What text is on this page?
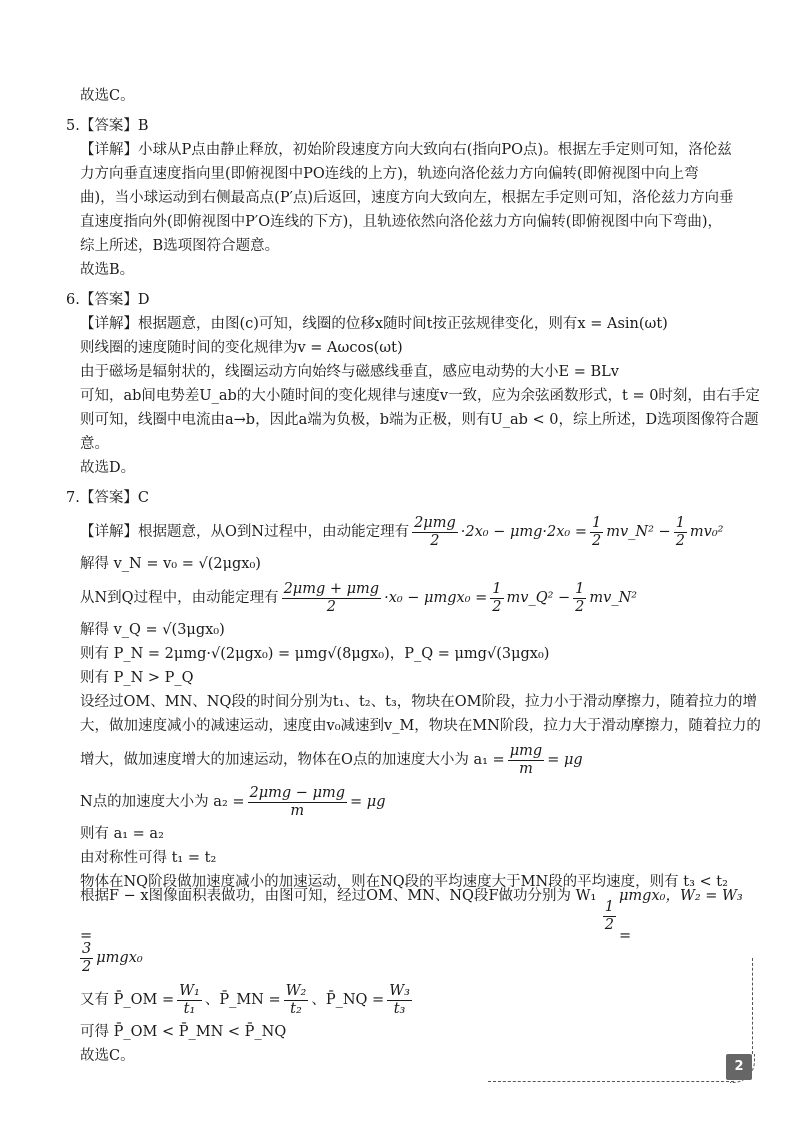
故选C。
5.【答案】B
【详解】小球从P点由静止释放，初始阶段速度方向大致向右(指向PO点)。根据左手定则可知，洛伦兹
力方向垂直速度指向里(即俯视图中PO连线的上方)，轨迹向洛伦兹力方向偏转(即俯视图中向上弯
曲)，当小球运动到右侧最高点(P′点)后返回，速度方向大致向左，根据左手定则可知，洛伦兹力方向垂
直速度指向外(即俯视图中P′O连线的下方)，且轨迹依然向洛伦兹力方向偏转(即俯视图中向下弯曲)，
综上所述，B选项图符合题意。
故选B。
6.【答案】D
【详解】根据题意，由图(c)可知，线圈的位移x随时间t按正弦规律变化，则有x = Asin(ωt)
则线圈的速度随时间的变化规律为v = Aωcos(ωt)
由于磁场是辐射状的，线圈运动方向始终与磁感线垂直，感应电动势的大小E = BLv
可知，ab间电势差U_ab的大小随时间的变化规律与速度v一致，应为余弦函数形式，t = 0时刻，由右手定
则可知，线圈中电流由a→b，因此a端为负极，b端为正极，则有U_ab < 0，综上所述，D选项图像符合题
意。
故选D。
7.【答案】C
【详解】根据题意，从O到N过程中，由动能定理有 $\frac{\text{2μmg}}{2} \cdot 2x_0 - \mu mg\cdot 2x_0 = \frac{1}{2}$ mv_N² − $\frac{1}{2} mv_0^2$
解得 v_N = v₀ = √(2μgx₀)
从N到Q过程中，由动能定理有 $\frac{\text{2μmg + μmg}}{2} \cdot x_0 - \mu mgx_0 = \frac{1}{2}$ mv_Q² − $\frac{1}{2}$ mv_N²
解得 v_Q = √(3μgx₀)
则有 P_N = 2μmg·√(2μgx₀) = μmg√(8μgx₀)，P_Q = μmg√(3μgx₀)
则有 P_N > P_Q
设经过OM、MN、NQ段的时间分别为t₁、t₂、t₃，物块在OM阶段，拉力小于滑动摩擦力，随着拉力的增
大，做加速度减小的减速运动，速度由v₀减速到v_M，物块在MN阶段，拉力大于滑动摩擦力，随着拉力的
增大，做加速度增大的加速运动，物体在O点的加速度大小为 $a_1 = \frac{\text{μmg}}{m} = \mu g$
N点的加速度大小为 $a_2 = \frac{\text{2μmg − μmg}}{m} = \mu g$
则有 a₁ = a₂
由对称性可得 t₁ = t₂
物体在NQ阶段做加速度减小的加速运动，则在NQ段的平均速度大于MN段的平均速度，则有 t₃ < t₂
根据F − x图像面积表做功，由图可知，经过OM、MN、NQ段F做功分别为 W₁ =
$\frac{1}{2}$
μmgx₀，W₂ = W₃ =
$\frac{3}{2} \mu mgx_0$
又有 P̄_OM = $\frac{\text{W₁}}{\text{t₁}}$ 、P̄_MN = $\frac{\text{W₂}}{\text{t₂}}$ 、P̄_NQ = $\frac{\text{W₃}}{\text{t₃}}$
可得 P̄_OM < P̄_MN < P̄_NQ
故选C。
2
